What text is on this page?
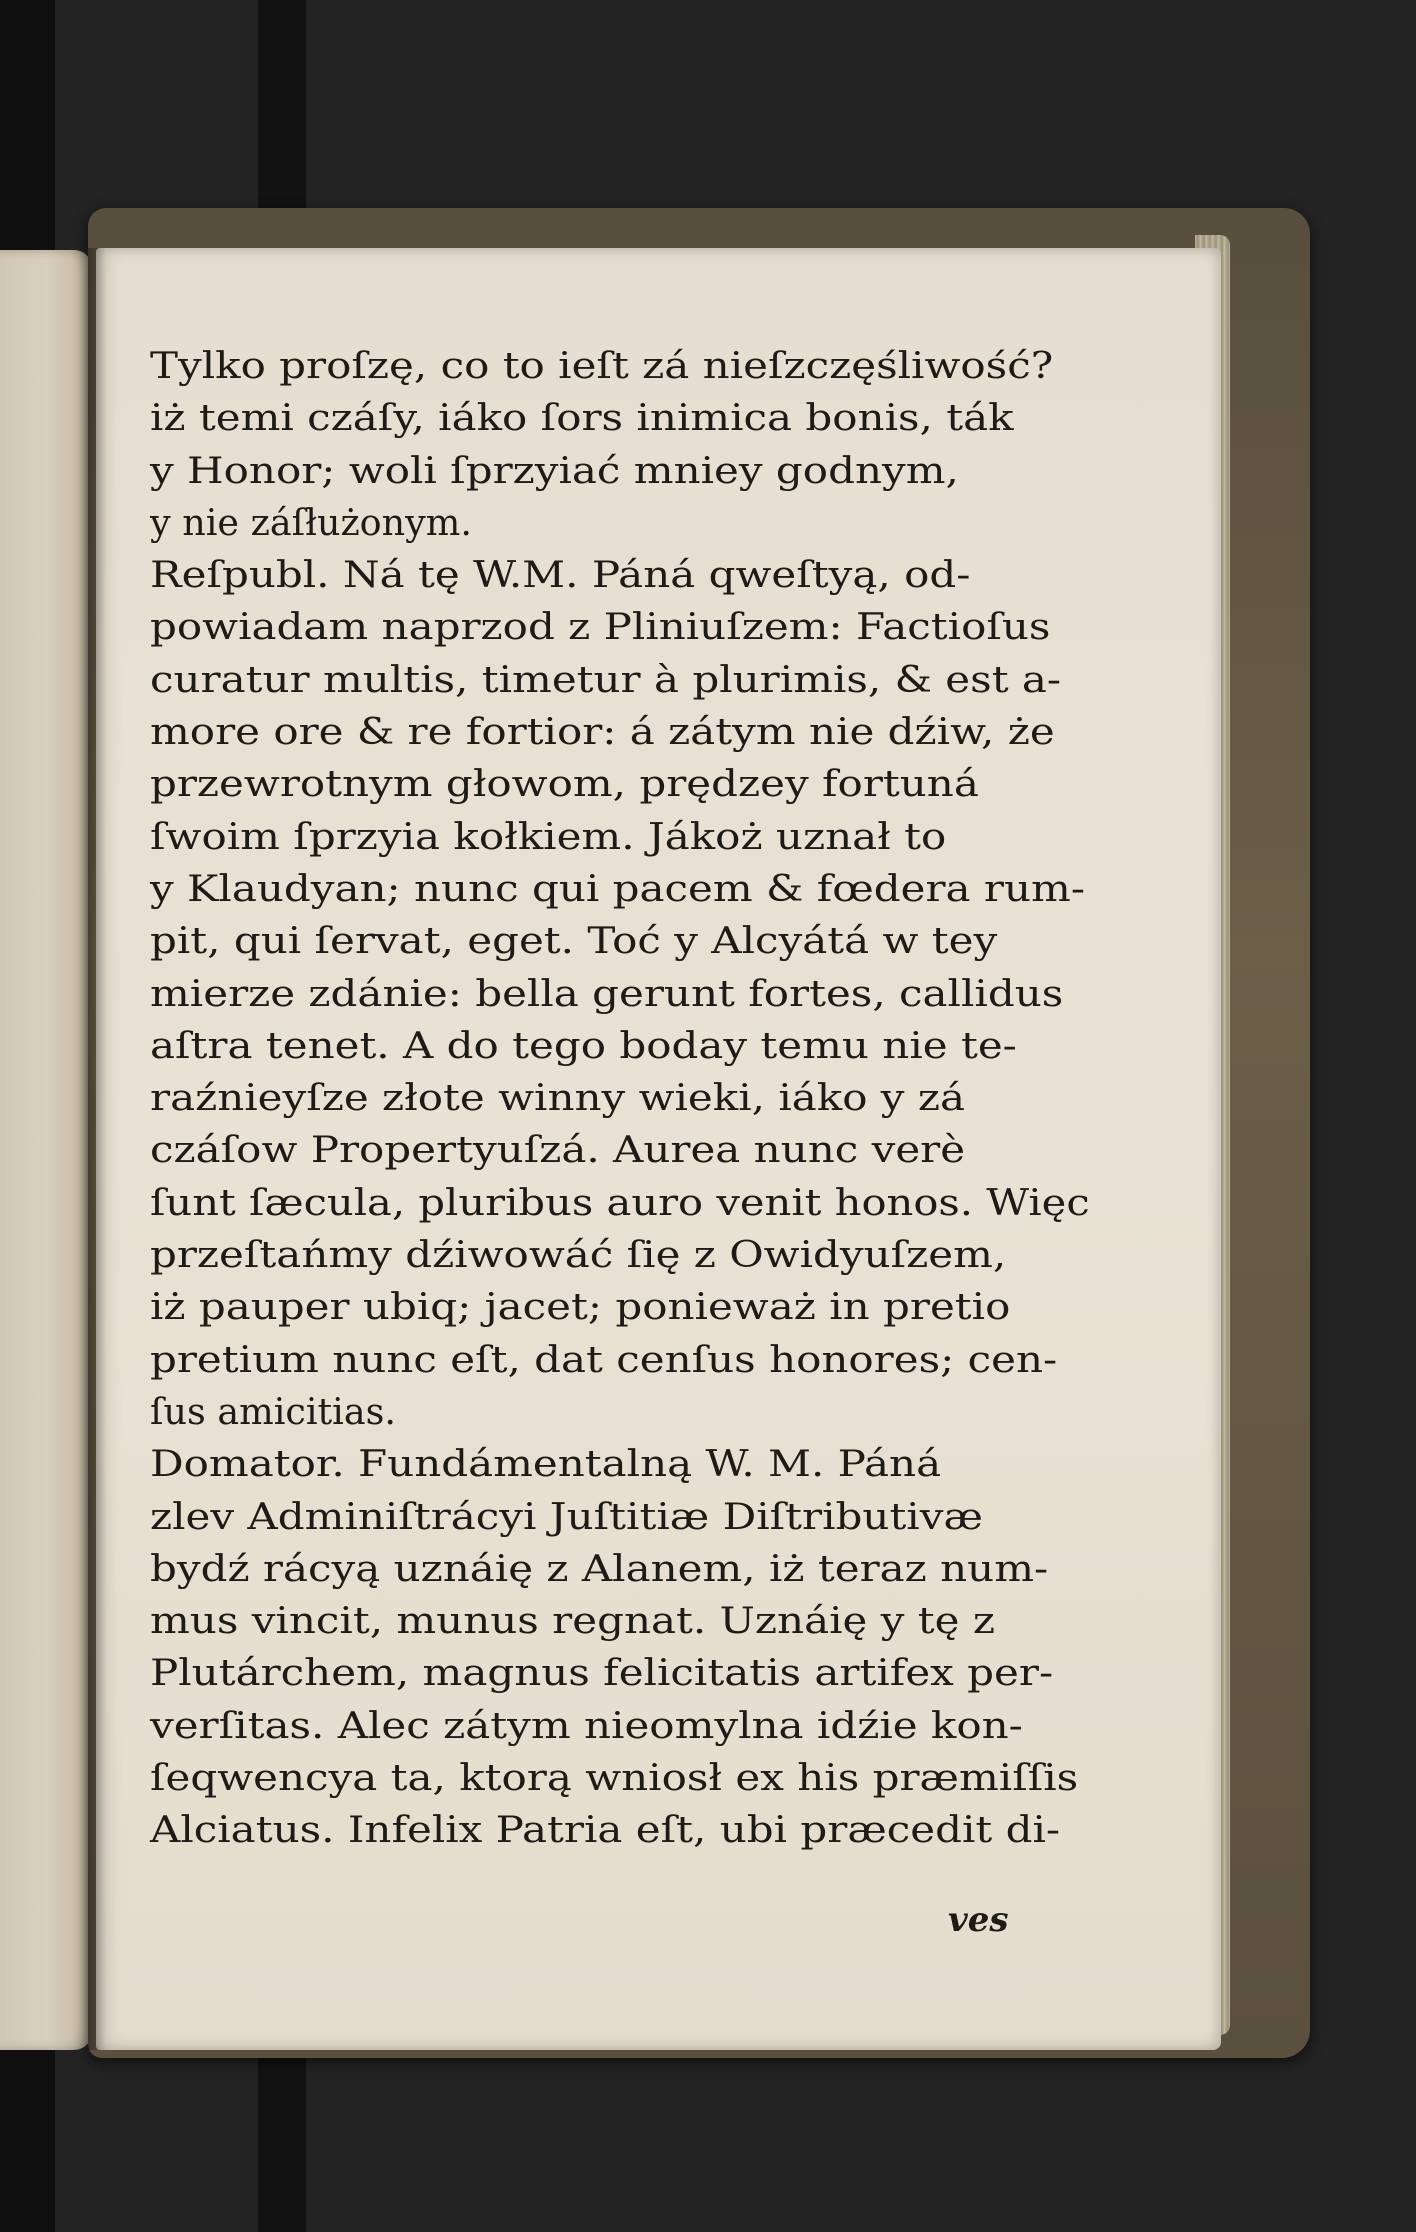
Tylko proſzę, co to ieſt zá nieſzczęśliwość?
iż temi czáſy, iáko ſors inimica bonis, ták
y Honor; woli ſprzyiać mniey godnym,
y nie záſłużonym.
Reſpubl. Ná tę W.M. Páná qweſtyą, od-
powiadam naprzod z Pliniuſzem: Factioſus
curatur multis, timetur à plurimis, & est a-
more ore & re fortior: á zátym nie dźiw, że
przewrotnym głowom, prędzey fortuná
ſwoim ſprzyia kołkiem. Jákoż uznał to
y Klaudyan; nunc qui pacem & fœdera rum-
pit, qui ſervat, eget. Toć y Alcyátá w tey
mierze zdánie: bella gerunt fortes, callidus
aſtra tenet. A do tego boday temu nie te-
raźnieyſze złote winny wieki, iáko y zá
czáſow Propertyuſzá. Aurea nunc verè
ſunt ſæcula, pluribus auro venit honos. Więc
przeſtańmy dźiwowáć ſię z Owidyuſzem,
iż pauper ubiq; jacet; ponieważ in pretio
pretium nunc eſt, dat cenſus honores; cen-
ſus amicitias.
Domator. Fundámentalną W. M. Páná
zlev Adminiſtrácyi Juſtitiæ Diſtributivæ
bydź rácyą uznáię z Alanem, iż teraz num-
mus vincit, munus regnat. Uznáię y tę z
Plutárchem, magnus felicitatis artifex per-
verſitas. Alec zátym nieomylna idźie kon-
ſeqwencya ta, ktorą wniosł ex his præmiſſis
Alciatus. Infelix Patria eſt, ubi præcedit di-
ves
